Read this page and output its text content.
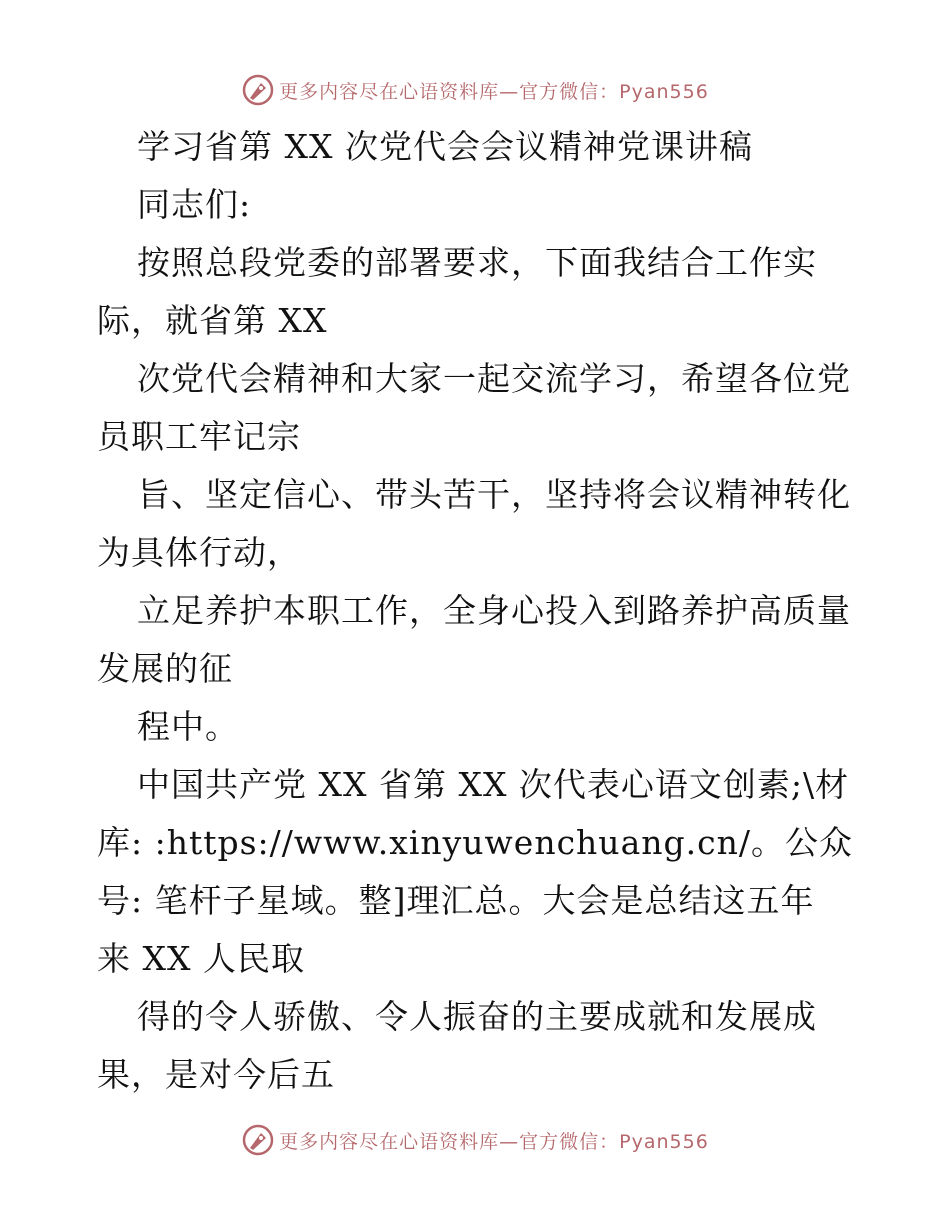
更多内容尽在心语资料库—官方微信：Pyan556
学习省第 XX 次党代会会议精神党课讲稿
同志们:
按照总段党委的部署要求，下面我结合工作实
际，就省第 XX
次党代会精神和大家一起交流学习，希望各位党
员职工牢记宗
旨、坚定信心、带头苦干，坚持将会议精神转化
为具体行动，
立足养护本职工作，全身心投入到路养护高质量
发展的征
程中。
中国共产党 XX 省第 XX 次代表心语文创素;\材
库: :https://www.xinyuwenchuang.cn/。公众
号: 笔杆子星域。整]理汇总。大会是总结这五年
来 XX 人民取
得的令人骄傲、令人振奋的主要成就和发展成
果，是对今后五
更多内容尽在心语资料库—官方微信：Pyan556
